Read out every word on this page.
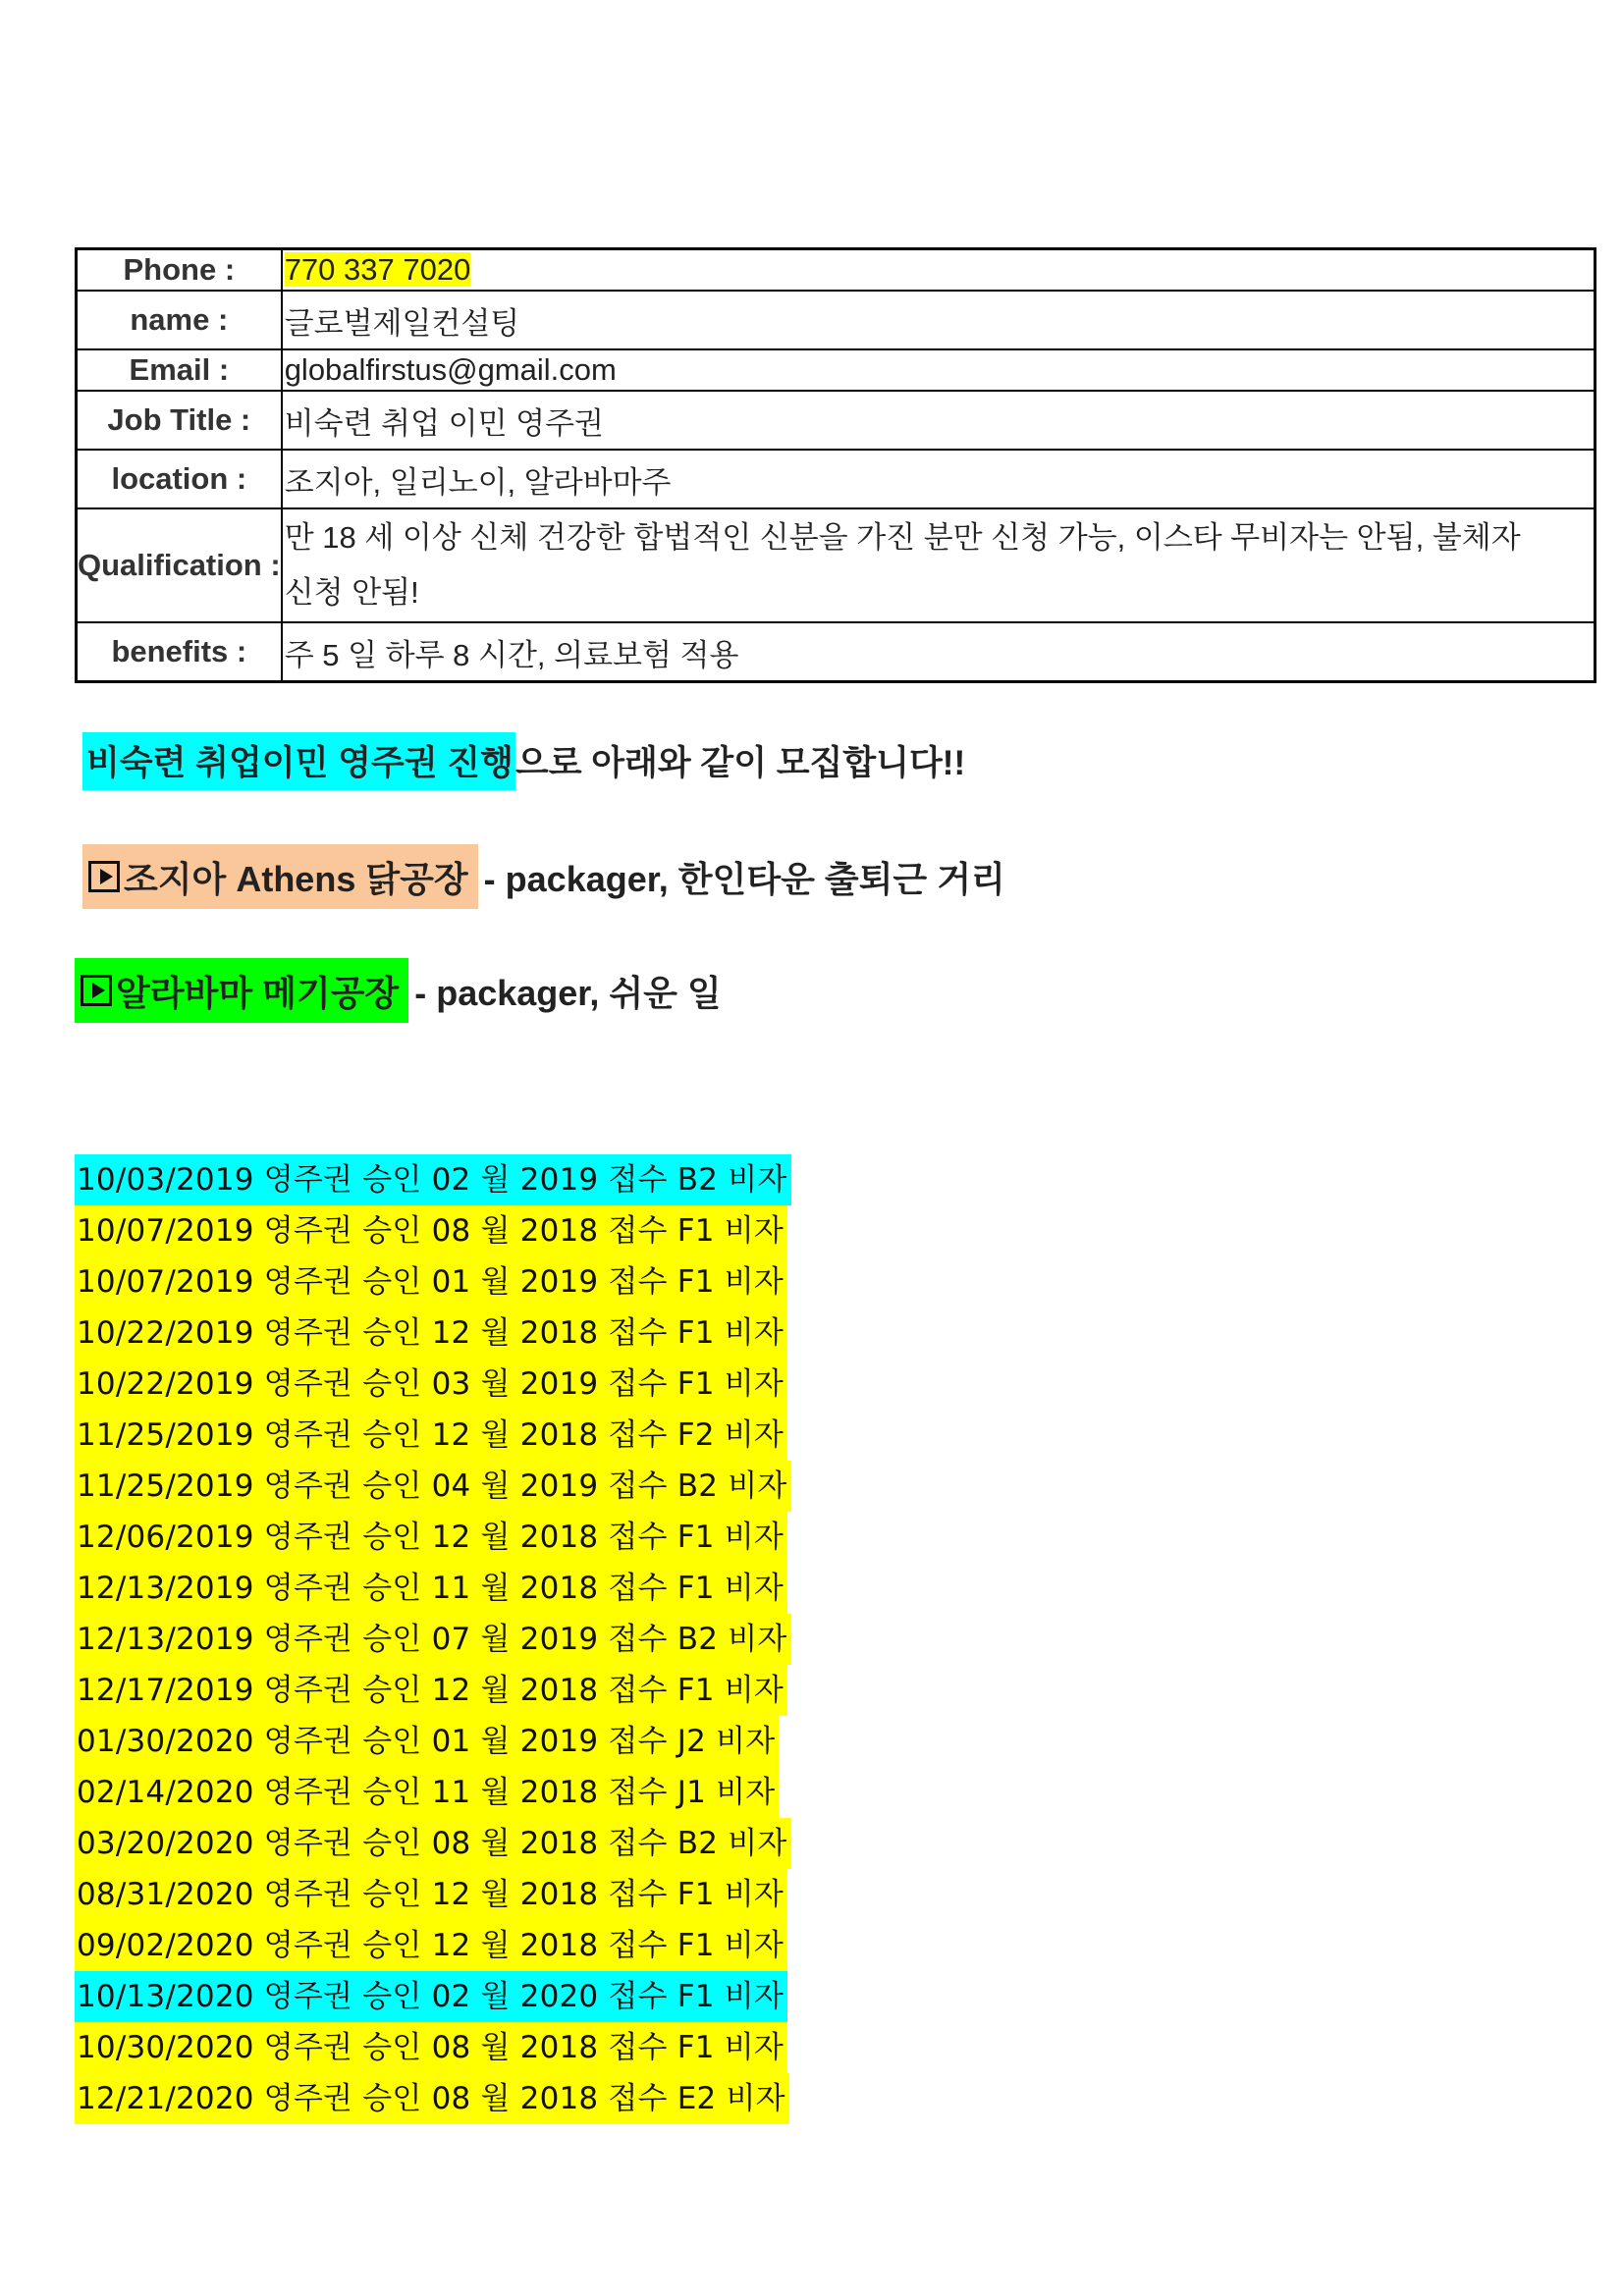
Phone :	770 337 7020
name :	글로벌제일컨설팅
Email :	globalfirstus@gmail.com
Job Title :	비숙련 취업 이민 영주권
location :	조지아, 일리노이, 알라바마주
Qualification :	만 18 세 이상 신체 건강한 합법적인 신분을 가진 분만 신청 가능, 이스타 무비자는 안됨, 불체자
신청 안됨!

benefits :	주 5 일 하루 8 시간, 의료보험 적용
비숙련 취업이민 영주권 진행으로 아래와 같이 모집합니다!!
조지아 Athens 닭공장 - packager, 한인타운 출퇴근 거리
알라바마 메기공장 - packager, 쉬운 일
10/03/2019 영주권 승인 02 월 2019 접수 B2 비자
10/07/2019 영주권 승인 08 월 2018 접수 F1 비자
10/07/2019 영주권 승인 01 월 2019 접수 F1 비자
10/22/2019 영주권 승인 12 월 2018 접수 F1 비자
10/22/2019 영주권 승인 03 월 2019 접수 F1 비자
11/25/2019 영주권 승인 12 월 2018 접수 F2 비자
11/25/2019 영주권 승인 04 월 2019 접수 B2 비자
12/06/2019 영주권 승인 12 월 2018 접수 F1 비자
12/13/2019 영주권 승인 11 월 2018 접수 F1 비자
12/13/2019 영주권 승인 07 월 2019 접수 B2 비자
12/17/2019 영주권 승인 12 월 2018 접수 F1 비자
01/30/2020 영주권 승인 01 월 2019 접수 J2 비자
02/14/2020 영주권 승인 11 월 2018 접수 J1 비자
03/20/2020 영주권 승인 08 월 2018 접수 B2 비자
08/31/2020 영주권 승인 12 월 2018 접수 F1 비자
09/02/2020 영주권 승인 12 월 2018 접수 F1 비자
10/13/2020 영주권 승인 02 월 2020 접수 F1 비자
10/30/2020 영주권 승인 08 월 2018 접수 F1 비자
12/21/2020 영주권 승인 08 월 2018 접수 E2 비자
